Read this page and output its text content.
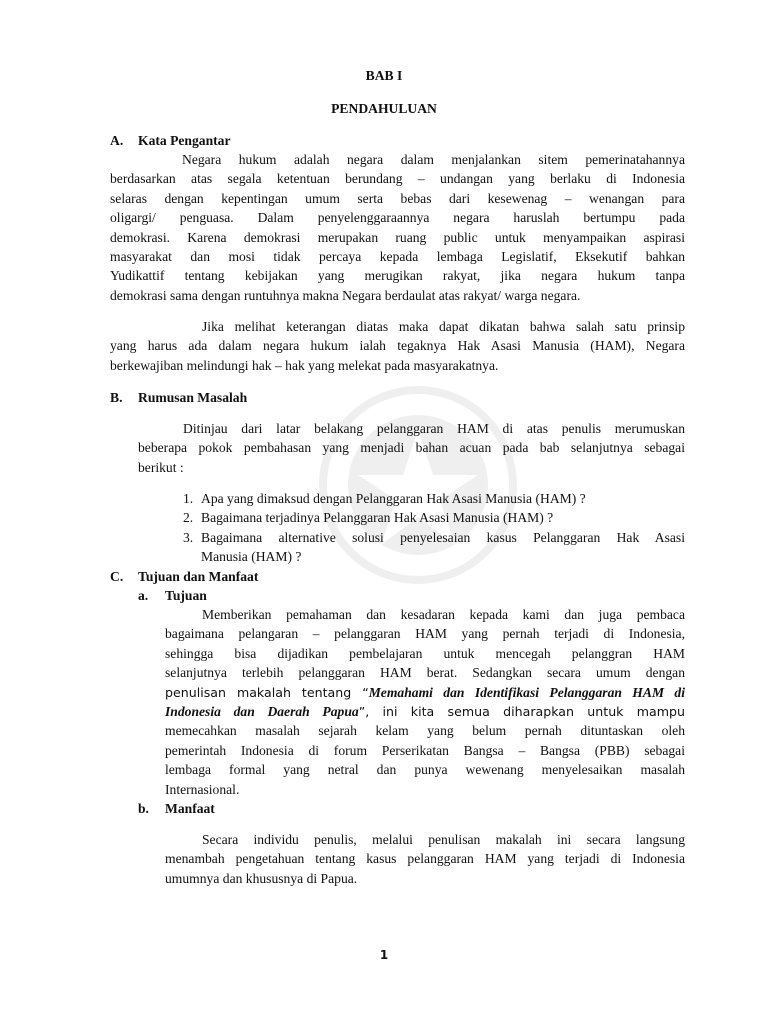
BAB I
PENDAHULUAN
A. Kata Pengantar
Negara hukum adalah negara dalam menjalankan sitem pemerinatahannya
berdasarkan atas segala ketentuan berundang – undangan yang berlaku di Indonesia
selaras dengan kepentingan umum serta bebas dari kesewenag – wenangan para
oligargi/ penguasa. Dalam penyelenggaraannya negara haruslah bertumpu pada
demokrasi. Karena demokrasi merupakan ruang public untuk menyampaikan aspirasi
masyarakat dan mosi tidak percaya kepada lembaga Legislatif, Eksekutif bahkan
Yudikattif tentang kebijakan yang merugikan rakyat, jika negara hukum tanpa
demokrasi sama dengan runtuhnya makna Negara berdaulat atas rakyat/ warga negara.
Jika melihat keterangan diatas maka dapat dikatan bahwa salah satu prinsip
yang harus ada dalam negara hukum ialah tegaknya Hak Asasi Manusia (HAM), Negara
berkewajiban melindungi hak – hak yang melekat pada masyarakatnya.
B. Rumusan Masalah
Ditinjau dari latar belakang pelanggaran HAM di atas penulis merumuskan
beberapa pokok pembahasan yang menjadi bahan acuan pada bab selanjutnya sebagai
berikut :
1. Apa yang dimaksud dengan Pelanggaran Hak Asasi Manusia (HAM) ?
2. Bagaimana terjadinya Pelanggaran Hak Asasi Manusia (HAM) ?
3. Bagaimana alternative solusi penyelesaian kasus Pelanggaran Hak Asasi
Manusia (HAM) ?
C. Tujuan dan Manfaat
a. Tujuan
Memberikan pemahaman dan kesadaran kepada kami dan juga pembaca
bagaimana pelangaran – pelanggaran HAM yang pernah terjadi di Indonesia,
sehingga bisa dijadikan pembelajaran untuk mencegah pelanggran HAM
selanjutnya terlebih pelanggaran HAM berat. Sedangkan secara umum dengan
penulisan makalah tentang “Memahami dan Identifikasi Pelanggaran HAM di
Indonesia dan Daerah Papua”, ini kita semua diharapkan untuk mampu
memecahkan masalah sejarah kelam yang belum pernah dituntaskan oleh
pemerintah Indonesia di forum Perserikatan Bangsa – Bangsa (PBB) sebagai
lembaga formal yang netral dan punya wewenang menyelesaikan masalah
Internasional.
b. Manfaat
Secara individu penulis, melalui penulisan makalah ini secara langsung
menambah pengetahuan tentang kasus pelanggaran HAM yang terjadi di Indonesia
umumnya dan khususnya di Papua.
1
